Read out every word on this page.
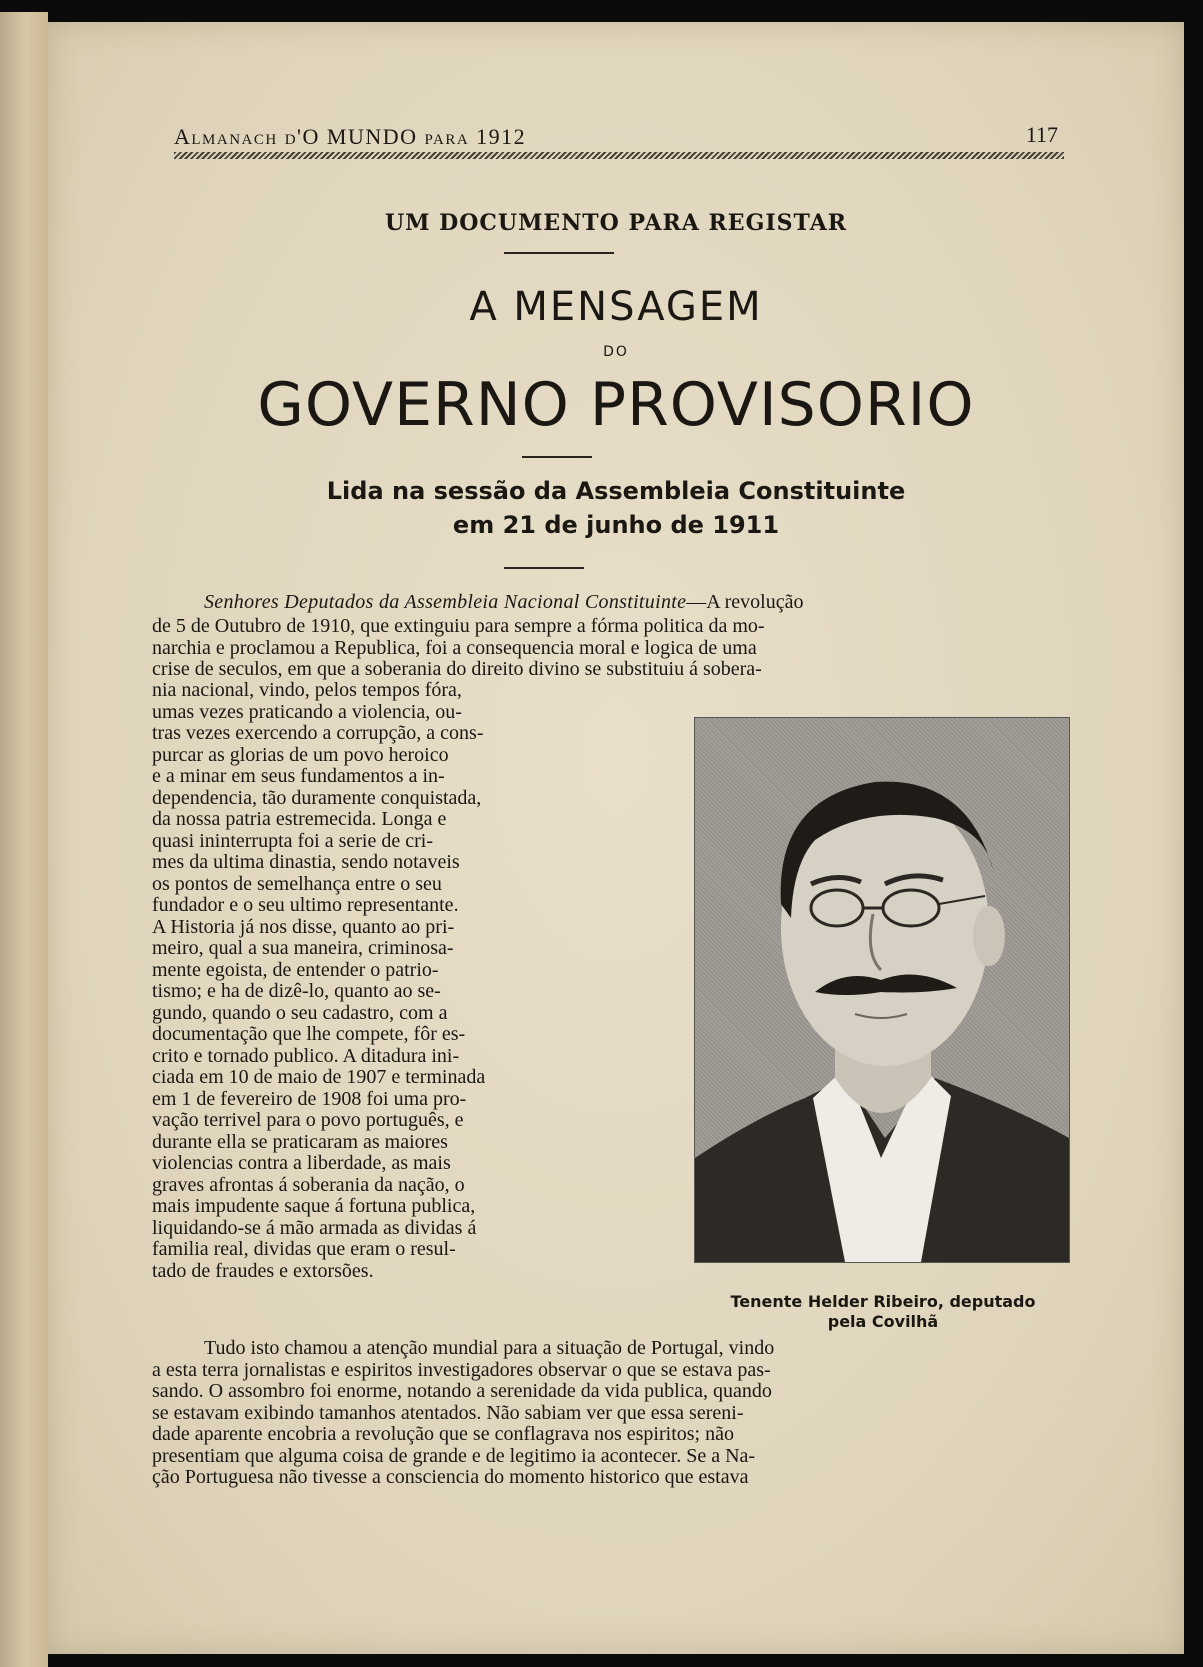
Almanach d'O MUNDO para 1912	117
UM DOCUMENTO PARA REGISTAR
A MENSAGEM
DO
GOVERNO PROVISORIO
Lida na sessão da Assembleia Constituinte
em 21 de junho de 1911
Senhores Deputados da Assembleia Nacional Constituinte—A revolução
de 5 de Outubro de 1910, que extinguiu para sempre a fórma politica da mo-
narchia e proclamou a Republica, foi a consequencia moral e logica de uma
crise de seculos, em que a soberania do direito divino se substituiu á sobera-
nia nacional, vindo, pelos tempos fóra,
umas vezes praticando a violencia, ou-
tras vezes exercendo a corrupção, a cons-
purcar as glorias de um povo heroico
e a minar em seus fundamentos a in-
dependencia, tão duramente conquistada,
da nossa patria estremecida. Longa e
quasi ininterrupta foi a serie de cri-
mes da ultima dinastia, sendo notaveis
os pontos de semelhança entre o seu
fundador e o seu ultimo representante.
A Historia já nos disse, quanto ao pri-
meiro, qual a sua maneira, criminosa-
mente egoista, de entender o patrio-
tismo; e ha de dizê-lo, quanto ao se-
gundo, quando o seu cadastro, com a
documentação que lhe compete, fôr es-
crito e tornado publico. A ditadura ini-
ciada em 10 de maio de 1907 e terminada
em 1 de fevereiro de 1908 foi uma pro-
vação terrivel para o povo português, e
durante ella se praticaram as maiores
violencias contra a liberdade, as mais
graves afrontas á soberania da nação, o
mais impudente saque á fortuna publica,
liquidando-se á mão armada as dividas á
familia real, dividas que eram o resul-
tado de fraudes e extorsões.
Tudo isto chamou a atenção mundial para a situação de Portugal, vindo
a esta terra jornalistas e espiritos investigadores observar o que se estava pas-
sando. O assombro foi enorme, notando a serenidade da vida publica, quando
se estavam exibindo tamanhos atentados. Não sabiam ver que essa sereni-
dade aparente encobria a revolução que se conflagrava nos espiritos; não
presentiam que alguma coisa de grande e de legitimo ia acontecer. Se a Na-
ção Portuguesa não tivesse a consciencia do momento historico que estava
Tenente Helder Ribeiro, deputado
pela Covilhã
